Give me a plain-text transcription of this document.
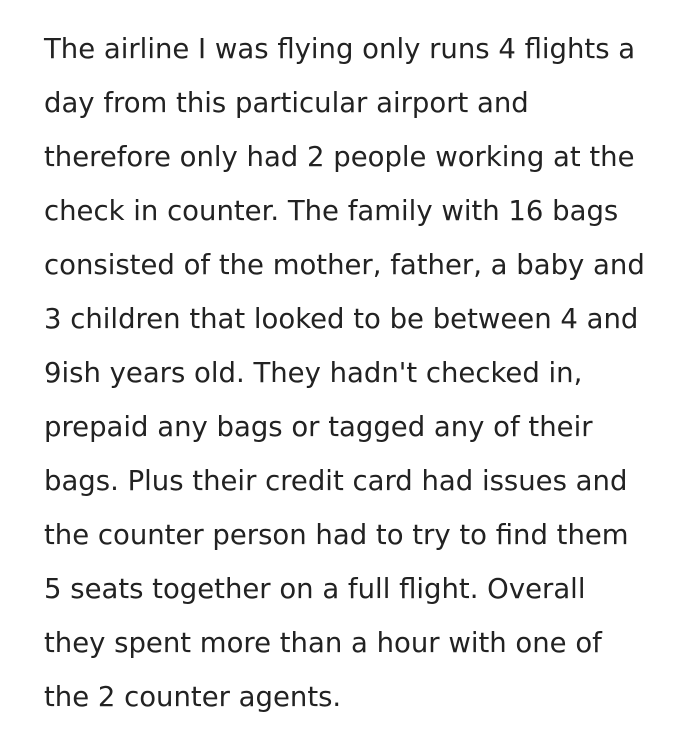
The airline I was flying only runs 4 flights a
day from this particular airport and
therefore only had 2 people working at the
check in counter. The family with 16 bags
consisted of the mother, father, a baby and
3 children that looked to be between 4 and
9ish years old. They hadn't checked in,
prepaid any bags or tagged any of their
bags. Plus their credit card had issues and
the counter person had to try to find them
5 seats together on a full flight. Overall
they spent more than a hour with one of
the 2 counter agents.
